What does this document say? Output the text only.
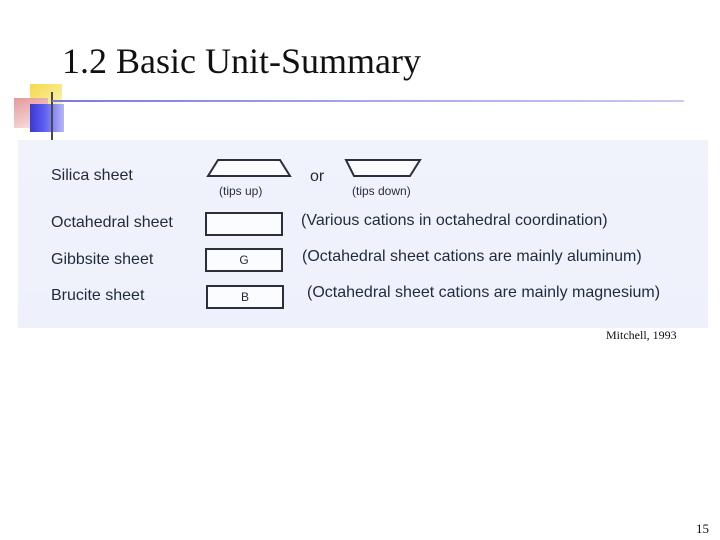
1.2 Basic Unit-Summary
Silica sheet
(tips up)
or
(tips down)
Octahedral sheet	(Various cations in octahedral coordination)
Gibbsite sheet	G	(Octahedral sheet cations are mainly aluminum)
Brucite sheet	B	(Octahedral sheet cations are mainly magnesium)
Mitchell, 1993
15
